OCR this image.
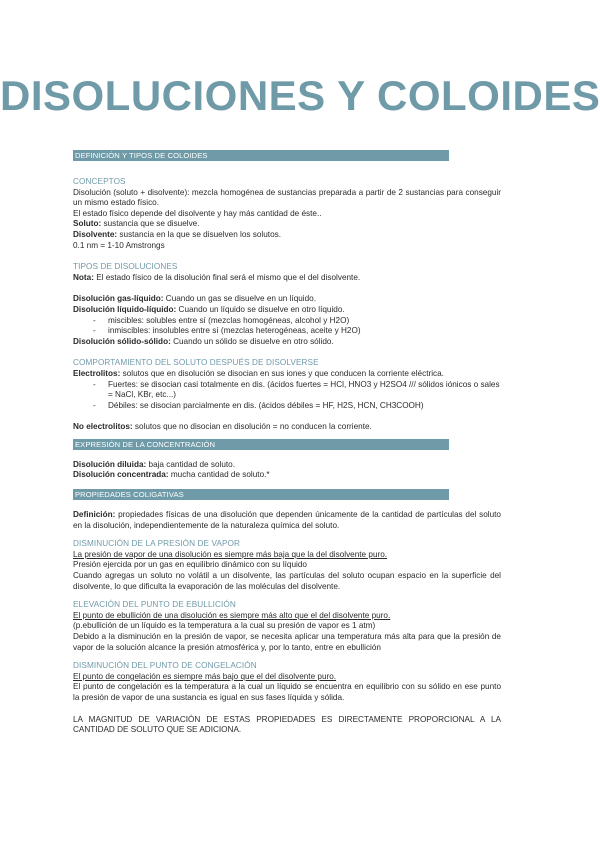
DISOLUCIONES Y COLOIDES
DEFINICIÓN Y TIPOS DE COLOIDES
CONCEPTOS

Disolución (soluto + disolvente): mezcla homogénea de sustancias preparada a partir de 2 sustancias para conseguir un mismo estado físico.

El estado físico depende del disolvente y hay más cantidad de éste..

Soluto: sustancia que se disuelve.

Disolvente: sustancia en la que se disuelven los solutos.

0.1 nm = 1-10 Amstrongs

TIPOS DE DISOLUCIONES

Nota: El estado físico de la disolución final será el mismo que el del disolvente.

Disolución gas-líquido: Cuando un gas se disuelve en un líquido.

Disolución líquido-líquido: Cuando un líquido se disuelve en otro líquido.

- miscibles: solubles entre sí (mezclas homogéneas, alcohol y H2O)
- inmiscibles: insolubles entre sí (mezclas heterogéneas, aceite y H2O)

Disolución sólido-sólido: Cuando un sólido se disuelve en otro sólido.

COMPORTAMIENTO DEL SOLUTO DESPUÉS DE DISOLVERSE

Electrolitos: solutos que en disolución se disocian en sus iones y que conducen la corriente eléctrica.

- Fuertes: se disocian casi totalmente en dis. (ácidos fuertes = HCl, HNO3 y H2SO4 /// sólidos iónicos o sales = NaCl, KBr, etc...)
- Débiles: se disocian parcialmente en dis. (ácidos débiles = HF, H2S, HCN, CH3COOH)

No electrolitos: solutos que no disocian en disolución = no conducen la corriente.

EXPRESIÓN DE LA CONCENTRACIÓN

Disolución diluida: baja cantidad de soluto.

Disolución concentrada: mucha cantidad de soluto.*

PROPIEDADES COLIGATIVAS

Definición: propiedades físicas de una disolución que dependen únicamente de la cantidad de partículas del soluto en la disolución, independientemente de la naturaleza química del soluto.

DISMINUCIÓN DE LA PRESIÓN DE VAPOR

La presión de vapor de una disolución es siempre más baja que la del disolvente puro.

Presión ejercida por un gas en equilibrio dinámico con su líquido

Cuando agregas un soluto no volátil a un disolvente, las partículas del soluto ocupan espacio en la superficie del disolvente, lo que dificulta la evaporación de las moléculas del disolvente.

ELEVACIÓN DEL PUNTO DE EBULLICIÓN

El punto de ebullición de una disolución es siempre más alto que el del disolvente puro.

(p.ebullición de un líquido es la temperatura a la cual su presión de vapor es 1 atm)

Debido a la disminución en la presión de vapor, se necesita aplicar una temperatura más alta para que la presión de vapor de la solución alcance la presión atmosférica y, por lo tanto, entre en ebullición

DISMINUCIÓN DEL PUNTO DE CONGELACIÓN

El punto de congelación es siempre más bajo que el del disolvente puro.

El punto de congelación es la temperatura a la cual un líquido se encuentra en equilibrio con su sólido en ese punto la presión de vapor de una sustancia es igual en sus fases líquida y sólida.

LA MAGNITUD DE VARIACIÓN DE ESTAS PROPIEDADES ES DIRECTAMENTE PROPORCIONAL A LA CANTIDAD DE SOLUTO QUE SE ADICIONA.
